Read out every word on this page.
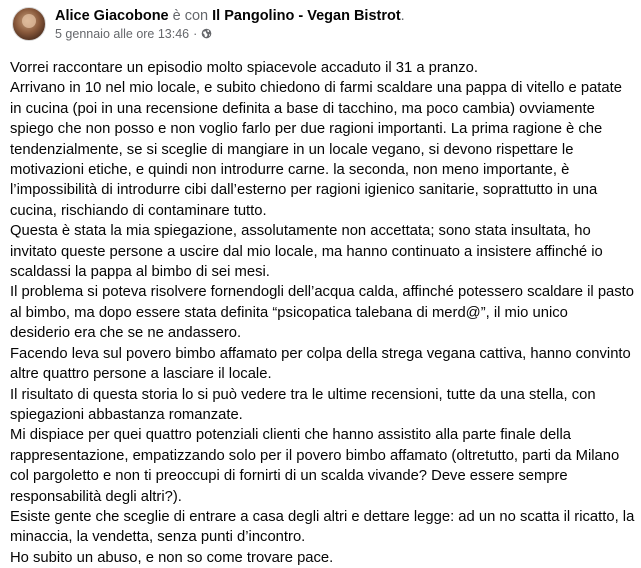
Alice Giacobone è con Il Pangolino - Vegan Bistrot.
5 gennaio alle ore 13:46 ·
Vorrei raccontare un episodio molto spiacevole accaduto il 31 a pranzo.
Arrivano in 10 nel mio locale, e subito chiedono di farmi scaldare una pappa di vitello e patate
in cucina (poi in una recensione definita a base di tacchino, ma poco cambia) ovviamente
spiego che non posso e non voglio farlo per due ragioni importanti. La prima ragione è che
tendenzialmente, se si sceglie di mangiare in un locale vegano, si devono rispettare le
motivazioni etiche, e quindi non introdurre carne. la seconda, non meno importante, è
l’impossibilità di introdurre cibi dall’esterno per ragioni igienico sanitarie, soprattutto in una
cucina, rischiando di contaminare tutto.
Questa è stata la mia spiegazione, assolutamente non accettata; sono stata insultata, ho
invitato queste persone a uscire dal mio locale, ma hanno continuato a insistere affinché io
scaldassi la pappa al bimbo di sei mesi.
Il problema si poteva risolvere fornendogli dell’acqua calda, affinché potessero scaldare il pasto
al bimbo, ma dopo essere stata definita “psicopatica talebana di merd@”, il mio unico
desiderio era che se ne andassero.
Facendo leva sul povero bimbo affamato per colpa della strega vegana cattiva, hanno convinto
altre quattro persone a lasciare il locale.
Il risultato di questa storia lo si può vedere tra le ultime recensioni, tutte da una stella, con
spiegazioni abbastanza romanzate.
Mi dispiace per quei quattro potenziali clienti che hanno assistito alla parte finale della
rappresentazione, empatizzando solo per il povero bimbo affamato (oltretutto, parti da Milano
col pargoletto e non ti preoccupi di fornirti di un scalda vivande? Deve essere sempre
responsabilità degli altri?).
Esiste gente che sceglie di entrare a casa degli altri e dettare legge: ad un no scatta il ricatto, la
minaccia, la vendetta, senza punti d’incontro.
Ho subito un abuso, e non so come trovare pace.
